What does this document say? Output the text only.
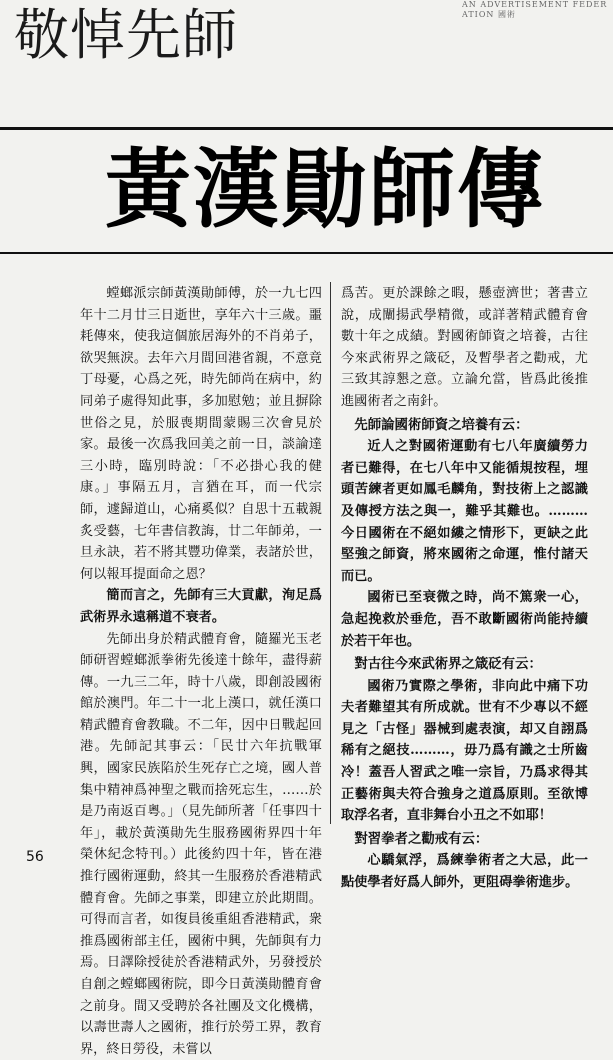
AN ADVERTISEMENT FEDERATION 國術
敬悼先師
黃漢勛師傳

螳螂派宗師黃漢勛師傅，於一九七四年十二月廿三日逝世，享年六十三歲。噩耗傳來，使我這個旅居海外的不肖弟子，欲哭無淚。去年六月間回港省親，不意竟丁母憂，心爲之死，時先師尚在病中，約同弟子處得知此事，多加慰勉；並且摒除世俗之見，於服喪期間蒙賜三次會見於家。最後一次爲我回美之前一日，談論達三小時，臨別時說：「不必掛心我的健康。」事隔五月，言猶在耳，而一代宗師，遽歸道山，心痛奚似？自思十五載親炙受藝，七年書信教誨，廿二年師弟，一旦永訣，若不將其豐功偉業，表諸於世，何以報耳提面命之恩？

簡而言之，先師有三大貢獻，洵足爲武術界永遠稱道不衰者。

先師出身於精武體育會，隨羅光玉老師研習螳螂派拳術先後達十餘年，盡得薪傳。一九三二年，時十八歲，即創設國術館於澳門。年二十一北上漢口，就任漢口精武體育會教職。不二年，因中日戰起回港。先師記其事云：「民廿六年抗戰軍興，國家民族陷於生死存亡之境，國人普集中精神爲神聖之戰而捨死忘生，……於是乃南返百粵。」（見先師所著「任事四十年」，載於黃漢勛先生服務國術界四十年榮休紀念特刊。）此後約四十年，皆在港推行國術運動，終其一生服務於香港精武體育會。先師之事業，即建立於此期間。可得而言者，如復員後重組香港精武，衆推爲國術部主任，國術中興，先師與有力焉。日譯除授徒於香港精武外，另發授於自創之螳螂國術院，即今日黃漢勛體育會之前身。間又受聘於各社團及文化機構，以壽世壽人之國術，推行於勞工界，教育界，終日勞役，未嘗以

爲苦。更於課餘之暇，懸壺濟世；著書立說，成闡揚武學精微，或詳著精武體育會數十年之成績。對國術師資之培養，古往今來武術界之箴砭，及暫學者之勸戒，尤三致其諄懇之意。立論允當，皆爲此後推進國術者之南針。

先師論國術師資之培養有云：

近人之對國術運動有七八年廣續勞力者已難得，在七八年中又能循規按程，埋頭苦練者更如鳳毛麟角，對技術上之認識及傳授方法之與一，難乎其難也。………今日國術在不絕如縷之情形下，更缺之此堅強之師資，將來國術之命運，惟付諸天而已。

國術已至衰微之時，尚不篤衆一心，急起挽救於垂危，吾不敢斷國術尚能持續於若干年也。

對古往今來武術界之箴砭有云：

國術乃實際之學術，非向此中痛下功夫者難望其有所成就。世有不少專以不經見之「古怪」器械到處表演，却又自詡爲稀有之絕技………，毋乃爲有識之士所齒冷！蓋吾人習武之唯一宗旨，乃爲求得其正藝術與夫符合強身之道爲原則。至欲博取浮名者，直非舞台小丑之不如耶！

對習拳者之勸戒有云：

心驕氣浮，爲練拳術者之大忌，此一點使學者好爲人師外，更阻碍拳術進步。

56
